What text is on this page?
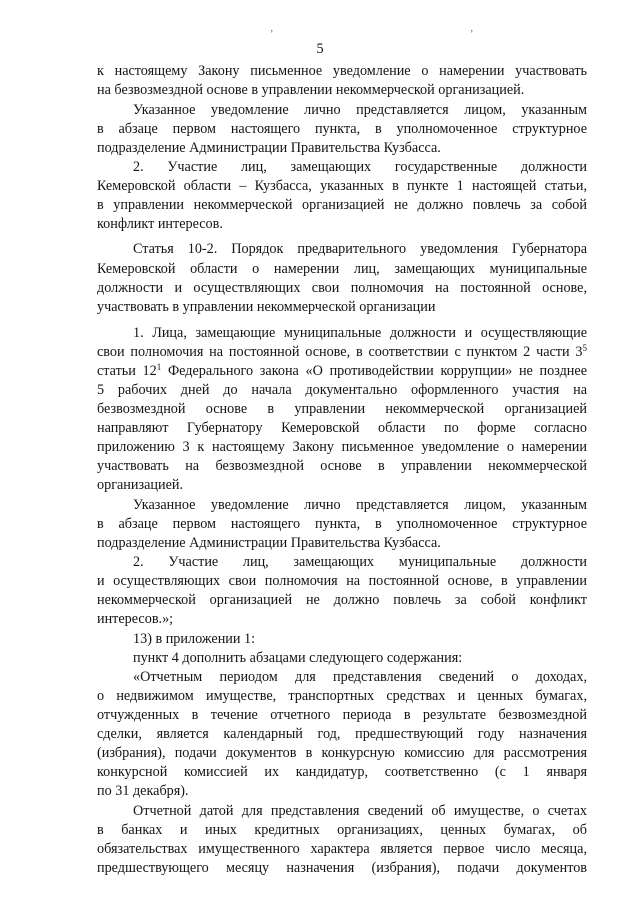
ʼ	ʼ
5
к настоящему Закону письменное уведомление о намерении участвовать
на безвозмездной основе в управлении некоммерческой организацией.
Указанное уведомление лично представляется лицом, указанным
в абзаце первом настоящего пункта, в уполномоченное структурное
подразделение Администрации Правительства Кузбасса.
2. Участие лиц, замещающих государственные должности
Кемеровской области – Кузбасса, указанных в пункте 1 настоящей статьи,
в управлении некоммерческой организацией не должно повлечь за собой
конфликт интересов.
Статья 10-2. Порядок предварительного уведомления Губернатора
Кемеровской области о намерении лиц, замещающих муниципальные
должности и осуществляющих свои полномочия на постоянной основе,
участвовать в управлении некоммерческой организации
1. Лица, замещающие муниципальные должности и осуществляющие
свои полномочия на постоянной основе, в соответствии с пунктом 2 части $3^5$
статьи $12^1$ Федерального закона «О противодействии коррупции» не позднее
5 рабочих дней до начала документально оформленного участия на
безвозмездной основе в управлении некоммерческой организацией
направляют Губернатору Кемеровской области по форме согласно
приложению 3 к настоящему Закону письменное уведомление о намерении
участвовать на безвозмездной основе в управлении некоммерческой
организацией.
Указанное уведомление лично представляется лицом, указанным
в абзаце первом настоящего пункта, в уполномоченное структурное
подразделение Администрации Правительства Кузбасса.
2. Участие лиц, замещающих муниципальные должности
и осуществляющих свои полномочия на постоянной основе, в управлении
некоммерческой организацией не должно повлечь за собой конфликт
интересов.»;
13) в приложении 1:
пункт 4 дополнить абзацами следующего содержания:
«Отчетным периодом для представления сведений о доходах,
о недвижимом имуществе, транспортных средствах и ценных бумагах,
отчужденных в течение отчетного периода в результате безвозмездной
сделки, является календарный год, предшествующий году назначения
(избрания), подачи документов в конкурсную комиссию для рассмотрения
конкурсной комиссией их кандидатур, соответственно (с 1 января
по 31 декабря).
Отчетной датой для представления сведений об имуществе, о счетах
в банках и иных кредитных организациях, ценных бумагах, об
обязательствах имущественного характера является первое число месяца,
предшествующего месяцу назначения (избрания), подачи документов
